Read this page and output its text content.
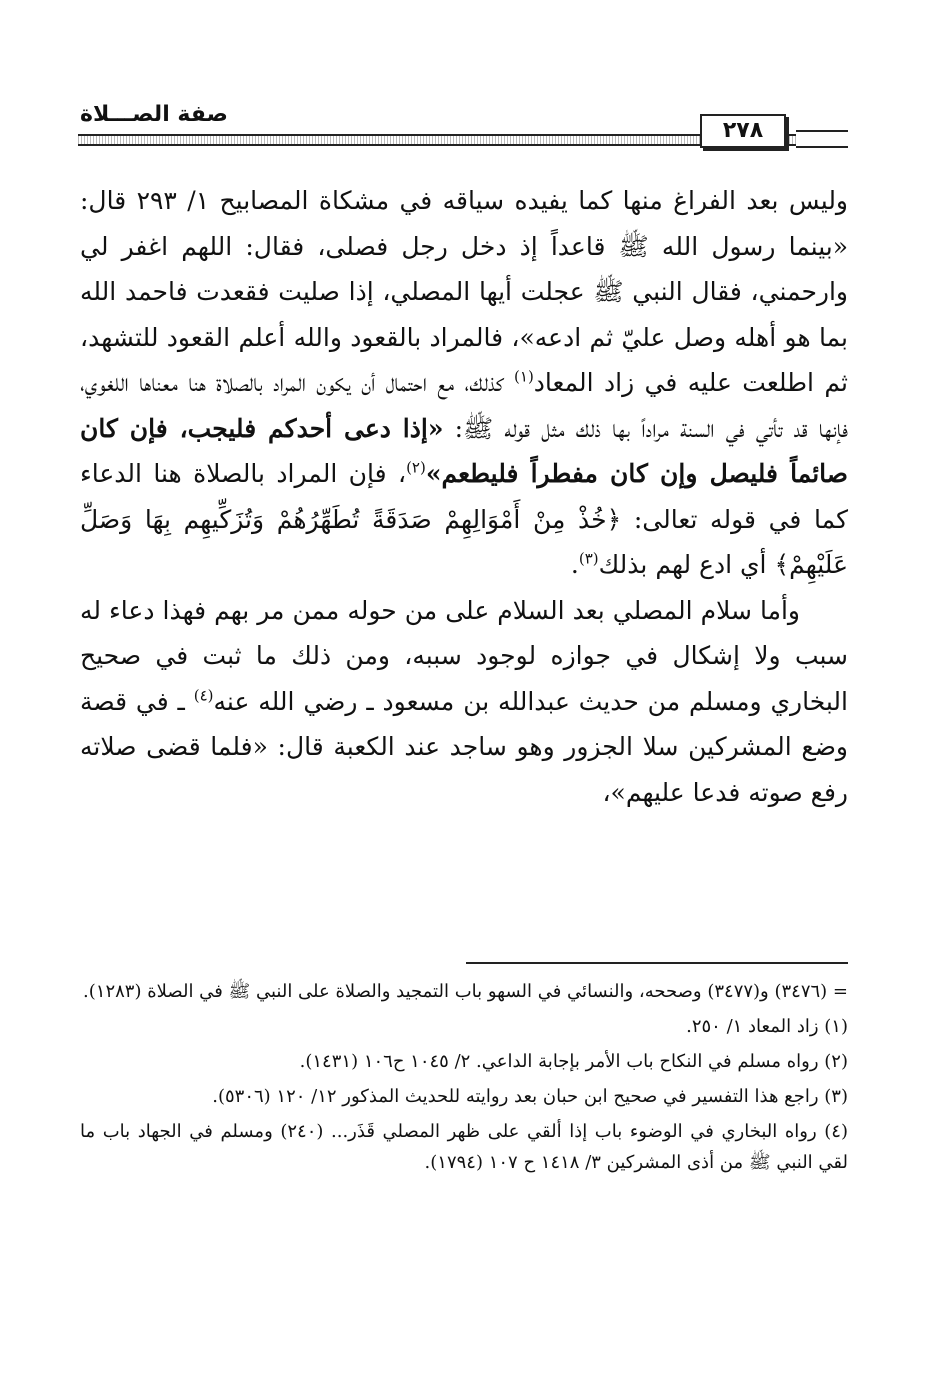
صفة الصـــلاة
٢٧٨

وليس بعد الفراغ منها كما يفيده سياقه في مشكاة المصابيح ١/ ٢٩٣ قال: «بينما رسول الله ﷺ قاعداً إذ دخل رجل فصلى، فقال: اللهم اغفر لي وارحمني، فقال النبي ﷺ عجلت أيها المصلي، إذا صليت فقعدت فاحمد الله بما هو أهله وصل عليّ ثم ادعه»، فالمراد بالقعود والله أعلم القعود للتشهد، ثم اطلعت عليه في زاد المعاد$^{(١)}$ كذلك، مع احتمال أن يكون المراد بالصلاة هنا معناها اللغوي، فإنها قد تأتي في السنة مراداً بها ذلك مثل قوله ﷺ: «إذا دعى أحدكم فليجب، فإن كان صائماً فليصل وإن كان مفطراً فليطعم»$^{(٢)}$، فإن المراد بالصلاة هنا الدعاء كما في قوله تعالى: ﴿خُذْ مِنْ أَمْوَالِهِمْ صَدَقَةً تُطَهِّرُهُمْ وَتُزَكِّيهِم بِهَا وَصَلِّ عَلَيْهِمْ﴾ أي ادع لهم بذلك$^{(٣)}$.

وأما سلام المصلي بعد السلام على من حوله ممن مر بهم فهذا دعاء له سبب ولا إشكال في جوازه لوجود سببه، ومن ذلك ما ثبت في صحيح البخاري ومسلم من حديث عبدالله بن مسعود ـ رضي الله عنه$^{(٤)}$ ـ في قصة وضع المشركين سلا الجزور وهو ساجد عند الكعبة قال: «فلما قضى صلاته رفع صوته فدعا عليهم»،

= (٣٤٧٦) و(٣٤٧٧) وصححه، والنسائي في السهو باب التمجيد والصلاة على النبي ﷺ في الصلاة (١٢٨٣).

(١) زاد المعاد ١/ ٢٥٠.

(٢) رواه مسلم في النكاح باب الأمر بإجابة الداعي. ٢/ ١٠٤٥ ح١٠٦ (١٤٣١).

(٣) راجع هذا التفسير في صحيح ابن حبان بعد روايته للحديث المذكور ١٢/ ١٢٠ (٥٣٠٦).

(٤) رواه البخاري في الوضوء باب إذا ألقي على ظهر المصلي قَذَر... (٢٤٠) ومسلم في الجهاد باب ما لقي النبي ﷺ من أذى المشركين ٣/ ١٤١٨ ح ١٠٧ (١٧٩٤).
